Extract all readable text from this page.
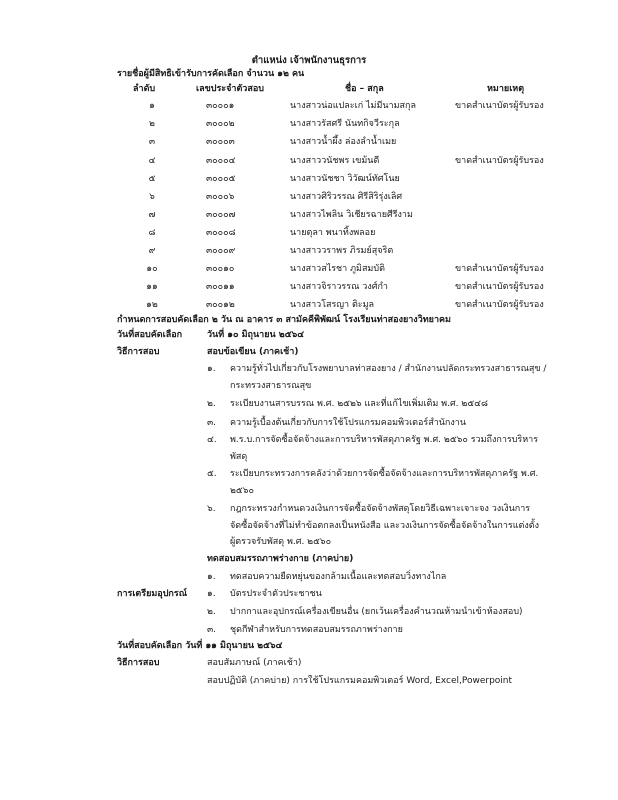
ตำแหน่ง เจ้าพนักงานธุรการ
รายชื่อผู้มีสิทธิเข้ารับการคัดเลือก จำนวน ๑๒ คน
ลำดับ	เลขประจำตัวสอบ	ชื่อ – สกุล	หมายเหตุ
๑	๓๐๐๐๑	นางสาวน่อแปละเก่ ไม่มีนามสกุล	ขาดสำเนาบัตรผู้รับรอง
๒	๓๐๐๐๒	นางสาวรัสศรี นันทกิจวีระกุล
๓	๓๐๐๐๓	นางสาวน้ำผึ้ง ล่องลำน้ำเมย
๔	๓๐๐๐๔	นางสาววนัชพร เขม้นดี	ขาดสำเนาบัตรผู้รับรอง
๕	๓๐๐๐๕	นางสาวนัชชา วิวัฒน์ทัศโนย
๖	๓๐๐๐๖	นางสาวศิริวรรณ ศิรีสิริรุ่งเลิศ
๗	๓๐๐๐๗	นางสาวไพลิน วิเชียรฉายศีรีงาม
๘	๓๐๐๐๘	นายตุลา พนาทิ้งพลอย
๙	๓๐๐๐๙	นางสาววราพร ภิรมย์สุจริต
๑๐	๓๐๐๑๐	นางสาวสไรชา ภูมิสมบัติ	ขาดสำเนาบัตรผู้รับรอง
๑๑	๓๐๐๑๑	นางสาวจิราวรรณ วงศ์กำ	ขาดสำเนาบัตรผู้รับรอง
๑๒	๓๐๐๑๒	นางสาวโสรญา ติะมูล	ขาดสำเนาบัตรผู้รับรอง
กำหนดการสอบคัดเลือก ๒ วัน ณ อาคาร ๓ สามัคคีพิพัฒน์ โรงเรียนท่าสองยางวิทยาคม
วันที่สอบคัดเลือก	วันที่ ๑๐ มิถุนายน ๒๕๖๔
วิธีการสอบ	สอบข้อเขียน (ภาคเช้า)
๑. ความรู้ทั่วไปเกี่ยวกับโรงพยาบาลท่าสองยาง / สำนักงานปลัดกระทรวงสาธารณสุข /
กระทรวงสาธารณสุข
๒. ระเบียบงานสารบรรณ พ.ศ. ๒๕๒๖ และที่แก้ไขเพิ่มเติม พ.ศ. ๒๕๔๘
๓. ความรู้เบื้องต้นเกี่ยวกับการใช้โปรแกรมคอมพิวเตอร์สำนักงาน
๔. พ.ร.บ.การจัดซื้อจัดจ้างและการบริหารพัสดุภาครัฐ พ.ศ. ๒๕๖๐ รวมถึงการบริหาร
พัสดุ
๕. ระเบียบกระทรวงการคลังว่าด้วยการจัดซื้อจัดจ้างและการบริหารพัสดุภาครัฐ พ.ศ.
๒๕๖๐
๖. กฎกระทรวงกำหนดวงเงินการจัดซื้อจัดจ้างพัสดุโดยวิธีเฉพาะเจาะจง วงเงินการ
จัดซื้อจัดจ้างที่ไม่ทำข้อตกลงเป็นหนังสือ และวงเงินการจัดซื้อจัดจ้างในการแต่งตั้ง
ผู้ตรวจรับพัสดุ พ.ศ. ๒๕๖๐
ทดสอบสมรรถภาพร่างกาย (ภาคบ่าย)
๑. ทดสอบความยืดหยุ่นของกล้ามเนื้อและทดสอบวิ่งทางไกล
การเตรียมอุปกรณ์ ๑. บัตรประจำตัวประชาชน
๒. ปากกาและอุปกรณ์เครื่องเขียนอื่น (ยกเว้นเครื่องคำนวณห้ามนำเข้าห้องสอบ)
๓. ชุดกีฬาสำหรับการทดสอบสมรรถภาพร่างกาย
วันที่สอบคัดเลือก วันที่ ๑๑ มิถุนายน ๒๕๖๔
วิธีการสอบ	สอบสัมภาษณ์ (ภาคเช้า)
สอบปฏิบัติ (ภาคบ่าย) การใช้โปรแกรมคอมพิวเตอร์ Word, Excel,Powerpoint
